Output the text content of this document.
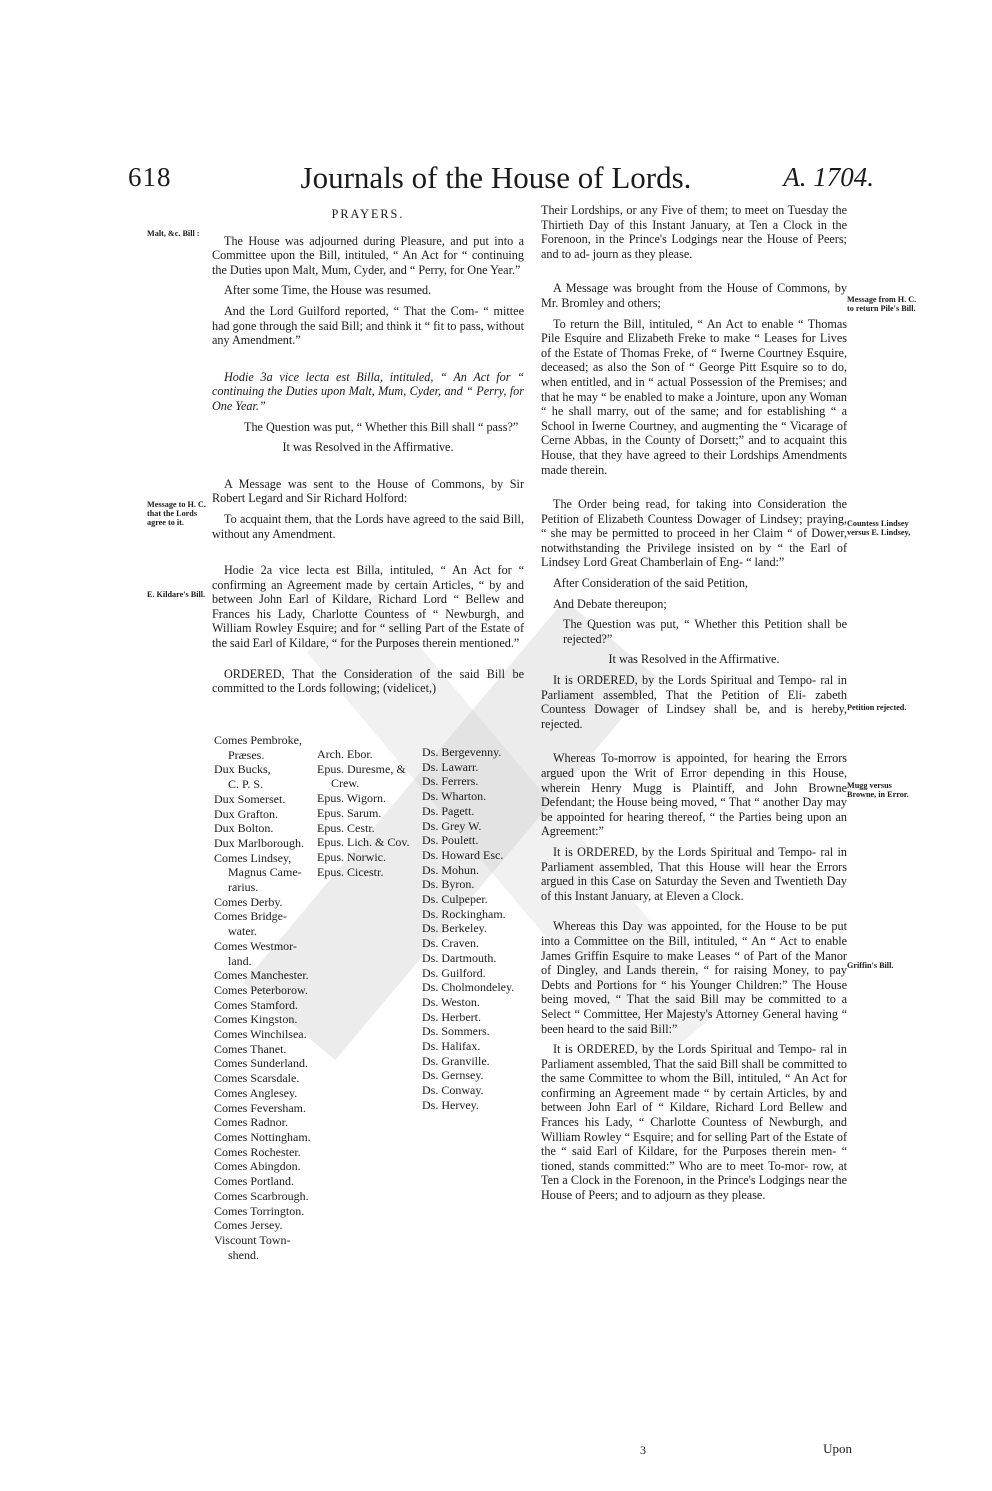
618	Journals of the House of Lords.	A. 1704.
Malt, &c. Bill :
Message to H. C. that the Lords agree to it.
E. Kildare's Bill.

PRAYERS.

The House was adjourned during Pleasure, and put into a Committee upon the Bill, intituled, “ An Act for “ continuing the Duties upon Malt, Mum, Cyder, and “ Perry, for One Year.”

After some Time, the House was resumed.

And the Lord Guilford reported, “ That the Com- “ mittee had gone through the said Bill; and think it “ fit to pass, without any Amendment.”

Hodie 3a vice lecta est Billa, intituled, “ An Act for “ continuing the Duties upon Malt, Mum, Cyder, and “ Perry, for One Year.”

The Question was put, “ Whether this Bill shall “ pass?”

It was Resolved in the Affirmative.

A Message was sent to the House of Commons, by Sir Robert Legard and Sir Richard Holford:

To acquaint them, that the Lords have agreed to the said Bill, without any Amendment.

Hodie 2a vice lecta est Billa, intituled, “ An Act for “ confirming an Agreement made by certain Articles, “ by and between John Earl of Kildare, Richard Lord “ Bellew and Frances his Lady, Charlotte Countess of “ Newburgh, and William Rowley Esquire; and for “ selling Part of the Estate of the said Earl of Kildare, “ for the Purposes therein mentioned.”

ORDERED, That the Consideration of the said Bill be committed to the Lords following; (videlicet,)

Comes Pembroke,
Præses.
Dux Bucks,
C. P. S.
Dux Somerset.
Dux Grafton.
Dux Bolton.
Dux Marlborough.
Comes Lindsey,
Magnus Came-
rarius.
Comes Derby.
Comes Bridge-
water.
Comes Westmor-
land.
Comes Manchester.
Comes Peterborow.
Comes Stamford.
Comes Kingston.
Comes Winchilsea.
Comes Thanet.
Comes Sunderland.
Comes Scarsdale.
Comes Anglesey.
Comes Feversham.
Comes Radnor.
Comes Nottingham.
Comes Rochester.
Comes Abingdon.
Comes Portland.
Comes Scarbrough.
Comes Torrington.
Comes Jersey.
Viscount Town-
shend.
Arch. Ebor.
Epus. Duresme, &
Crew.
Epus. Wigorn.
Epus. Sarum.
Epus. Cestr.
Epus. Lich. & Cov.
Epus. Norwic.
Epus. Cicestr.
Ds. Bergevenny.
Ds. Lawarr.
Ds. Ferrers.
Ds. Wharton.
Ds. Pagett.
Ds. Grey W.
Ds. Poulett.
Ds. Howard Esc.
Ds. Mohun.
Ds. Byron.
Ds. Culpeper.
Ds. Rockingham.
Ds. Berkeley.
Ds. Craven.
Ds. Dartmouth.
Ds. Guilford.
Ds. Cholmondeley.
Ds. Weston.
Ds. Herbert.
Ds. Sommers.
Ds. Halifax.
Ds. Granville.
Ds. Gernsey.
Ds. Conway.
Ds. Hervey.
Message from H. C. to return Pile's Bill.
Countess Lindsey versus E. Lindsey,
Petition rejected.
Mugg versus Browne, in Error.
Griffin's Bill.

Their Lordships, or any Five of them; to meet on Tuesday the Thirtieth Day of this Instant January, at Ten a Clock in the Forenoon, in the Prince's Lodgings near the House of Peers; and to ad- journ as they please.

A Message was brought from the House of Commons, by Mr. Bromley and others;

To return the Bill, intituled, “ An Act to enable “ Thomas Pile Esquire and Elizabeth Freke to make “ Leases for Lives of the Estate of Thomas Freke, of “ Iwerne Courtney Esquire, deceased; as also the Son of “ George Pitt Esquire so to do, when entitled, and in “ actual Possession of the Premises; and that he may “ be enabled to make a Jointure, upon any Woman “ he shall marry, out of the same; and for establishing “ a School in Iwerne Courtney, and augmenting the “ Vicarage of Cerne Abbas, in the County of Dorsett;” and to acquaint this House, that they have agreed to their Lordships Amendments made therein.

The Order being read, for taking into Consideration the Petition of Elizabeth Countess Dowager of Lindsey; praying, “ she may be permitted to proceed in her Claim “ of Dower, notwithstanding the Privilege insisted on by “ the Earl of Lindsey Lord Great Chamberlain of Eng- “ land:”

After Consideration of the said Petition,

And Debate thereupon;

The Question was put, “ Whether this Petition shall be rejected?”

It was Resolved in the Affirmative.

It is ORDERED, by the Lords Spiritual and Tempo- ral in Parliament assembled, That the Petition of Eli- zabeth Countess Dowager of Lindsey shall be, and is hereby, rejected.

Whereas To-morrow is appointed, for hearing the Errors argued upon the Writ of Error depending in this House, wherein Henry Mugg is Plaintiff, and John Browne Defendant; the House being moved, “ That “ another Day may be appointed for hearing thereof, “ the Parties being upon an Agreement:”

It is ORDERED, by the Lords Spiritual and Tempo- ral in Parliament assembled, That this House will hear the Errors argued in this Case on Saturday the Seven and Twentieth Day of this Instant January, at Eleven a Clock.

Whereas this Day was appointed, for the House to be put into a Committee on the Bill, intituled, “ An “ Act to enable James Griffin Esquire to make Leases “ of Part of the Manor of Dingley, and Lands therein, “ for raising Money, to pay Debts and Portions for “ his Younger Children:” The House being moved, “ That the said Bill may be committed to a Select “ Committee, Her Majesty's Attorney General having “ been heard to the said Bill:”

It is ORDERED, by the Lords Spiritual and Tempo- ral in Parliament assembled, That the said Bill shall be committed to the same Committee to whom the Bill, intituled, “ An Act for confirming an Agreement made “ by certain Articles, by and between John Earl of “ Kildare, Richard Lord Bellew and Frances his Lady, “ Charlotte Countess of Newburgh, and William Rowley “ Esquire; and for selling Part of the Estate of the “ said Earl of Kildare, for the Purposes therein men- “ tioned, stands committed:” Who are to meet To-mor- row, at Ten a Clock in the Forenoon, in the Prince's Lodgings near the House of Peers; and to adjourn as they please.

3	Upon
